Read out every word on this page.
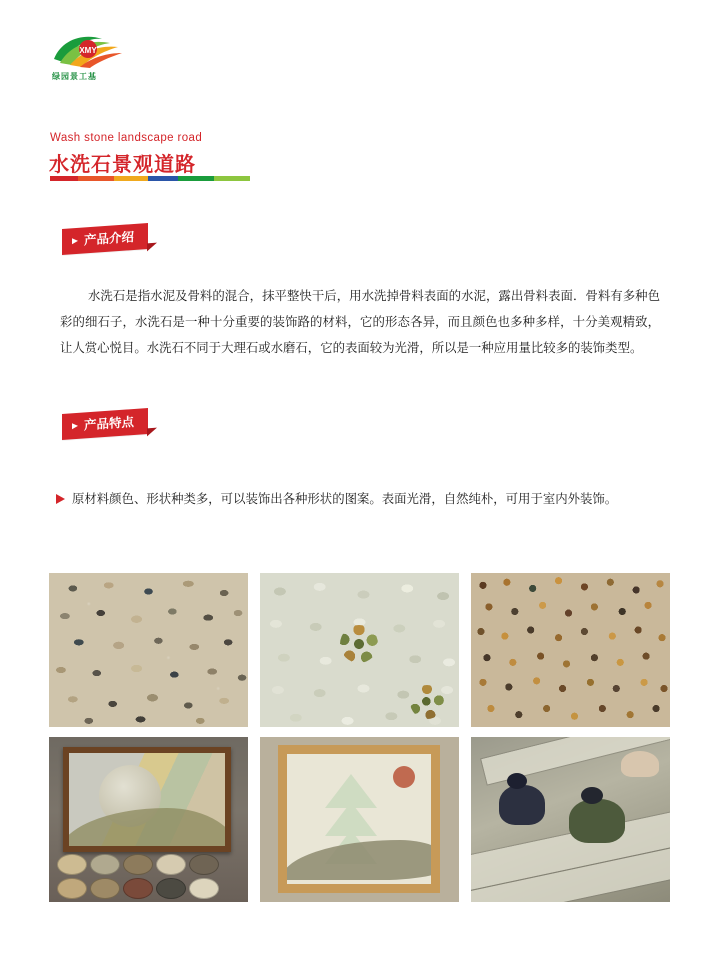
XMY
绿园景工基
Wash stone landscape road
水洗石景观道路
产品介绍
水洗石是指水泥及骨料的混合，抹平整快干后，用水洗掉骨料表面的水泥，露出骨料表面．骨料有多种色彩的细石子，水洗石是一种十分重要的装饰路的材料，它的形态各异，而且颜色也多种多样，十分美观精致，让人赏心悦目。水洗石不同于大理石或水磨石，它的表面较为光滑，所以是一种应用量比较多的装饰类型。
产品特点
原材料颜色、形状种类多，可以装饰出各种形状的图案。表面光滑，自然纯朴，可用于室内外装饰。
